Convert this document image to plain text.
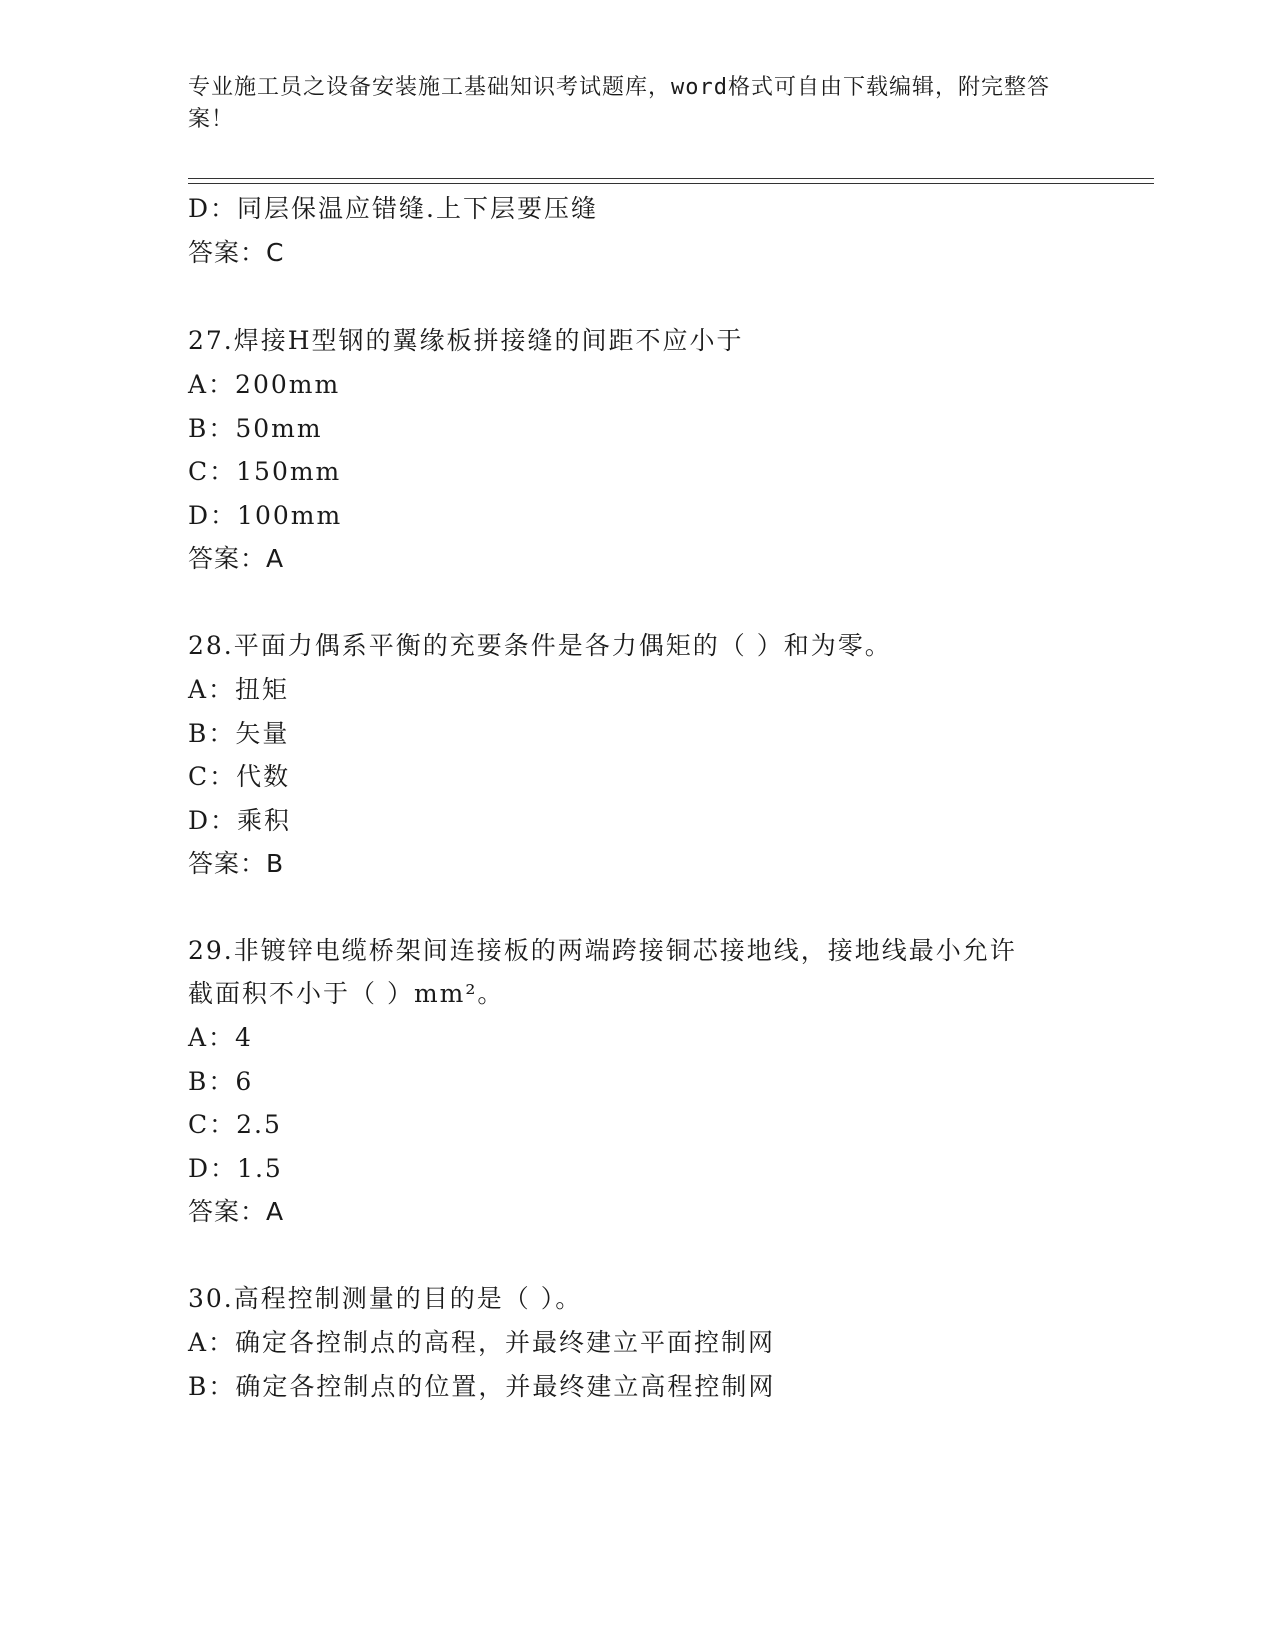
专业施工员之设备安装施工基础知识考试题库，word格式可自由下载编辑，附完整答案！
D：同层保温应错缝.上下层要压缝
答案：C
27.焊接H型钢的翼缘板拼接缝的间距不应小于
A：200mm
B：50mm
C：150mm
D：100mm
答案：A
28.平面力偶系平衡的充要条件是各力偶矩的（ ）和为零。
A：扭矩
B：矢量
C：代数
D：乘积
答案：B
29.非镀锌电缆桥架间连接板的两端跨接铜芯接地线，接地线最小允许
截面积不小于（ ）mm²。
A：4
B：6
C：2.5
D：1.5
答案：A
30.高程控制测量的目的是（ ）。
A：确定各控制点的高程，并最终建立平面控制网
B：确定各控制点的位置，并最终建立高程控制网
